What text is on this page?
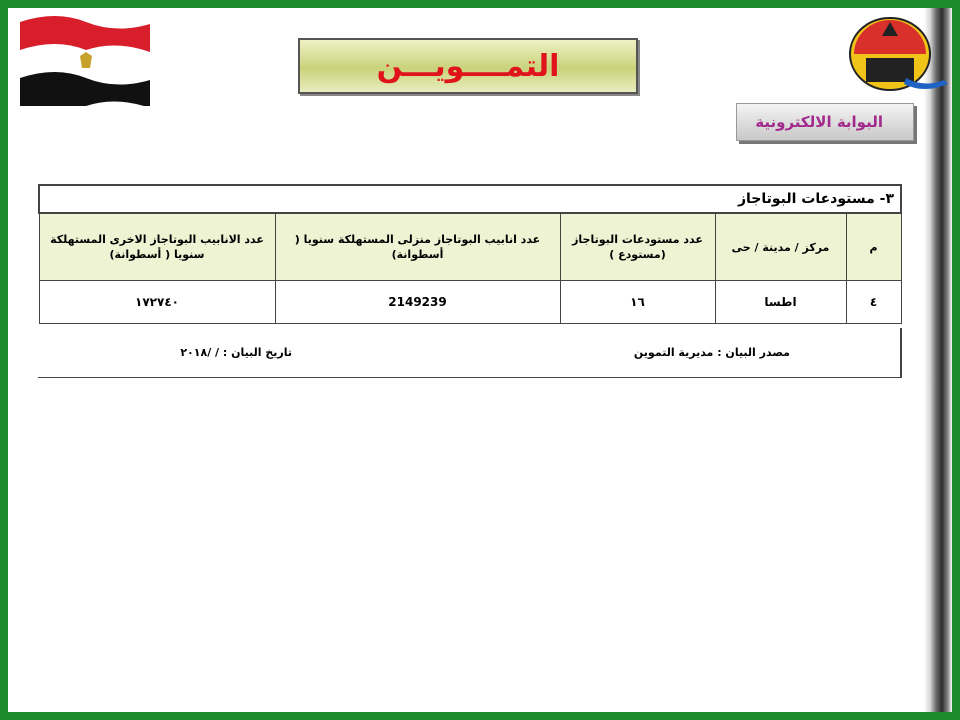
التمــــويـــن
البوابة الالكترونية
٣- مستودعات البوتاجاز				
م	مركز / مدينة / حى	عدد مستودعات البوتاجاز (مستودع )	عدد انابيب البوتاجاز منزلى المستهلكة سنويا ( أسطوانة)	عدد الانابيب البوتاجاز الاخرى المستهلكة سنويا ( أسطوانة)
٤	اطسا	١٦	2149239	١٧٢٧٤٠
مصدر البيان : مديرية التموين
تاريخ البيان : / /٢٠١٨
